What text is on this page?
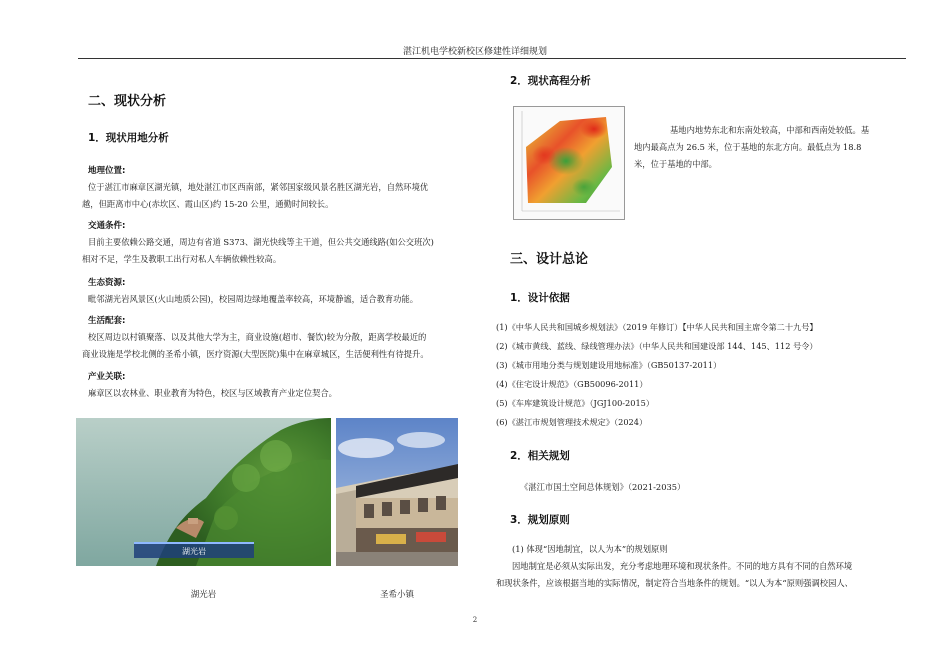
湛江机电学校新校区修建性详细规划
二、现状分析
1．现状用地分析
地理位置:
位于湛江市麻章区湖光镇，地处湛江市区西南部，紧邻国家级风景名胜区湖光岩，自然环境优
越，但距离市中心(赤坎区、霞山区)约 15-20 公里，通勤时间较长。
交通条件:
目前主要依赖公路交通，周边有省道 S373、湖光快线等主干道，但公共交通线路(如公交班次)
相对不足，学生及教职工出行对私人车辆依赖性较高。
生态资源:
毗邻湖光岩风景区(火山地质公园)，校园周边绿地覆盖率较高，环境静谧，适合教育功能。
生活配套:
校区周边以村镇聚落、以及其他大学为主，商业设施(超市、餐饮)较为分散，距离学校最近的
商业设施是学校北侧的圣希小镇，医疗资源(大型医院)集中在麻章城区，生活便利性有待提升。
产业关联:
麻章区以农林业、职业教育为特色，校区与区域教育产业定位契合。
湖光岩
湖光岩	圣希小镇
2．现状高程分析
基地内地势东北和东南处较高，中部和西南处较低。基
地内最高点为 26.5 米，位于基地的东北方向。最低点为 18.8
米，位于基地的中部。
三、设计总论
1．设计依据
(1)《中华人民共和国城乡规划法》（2019 年修订）【中华人民共和国主席令第二十九号】
(2)《城市黄线、蓝线、绿线管理办法》（中华人民共和国建设部 144、145、112 号令）
(3)《城市用地分类与规划建设用地标准》（GB50137-2011）
(4)《住宅设计规范》（GB50096-2011）
(5)《车库建筑设计规范》（JGJ100-2015）
(6)《湛江市规划管理技术规定》（2024）
2．相关规划
《湛江市国土空间总体规划》（2021-2035）
3．规划原则
(1) 体现“因地制宜，以人为本”的规划原则
因地制宜是必须从实际出发，充分考虑地理环境和现状条件。不同的地方具有不同的自然环境
和现状条件，应该根据当地的实际情况，制定符合当地条件的规划。“以人为本“原则强调校园人、
2
